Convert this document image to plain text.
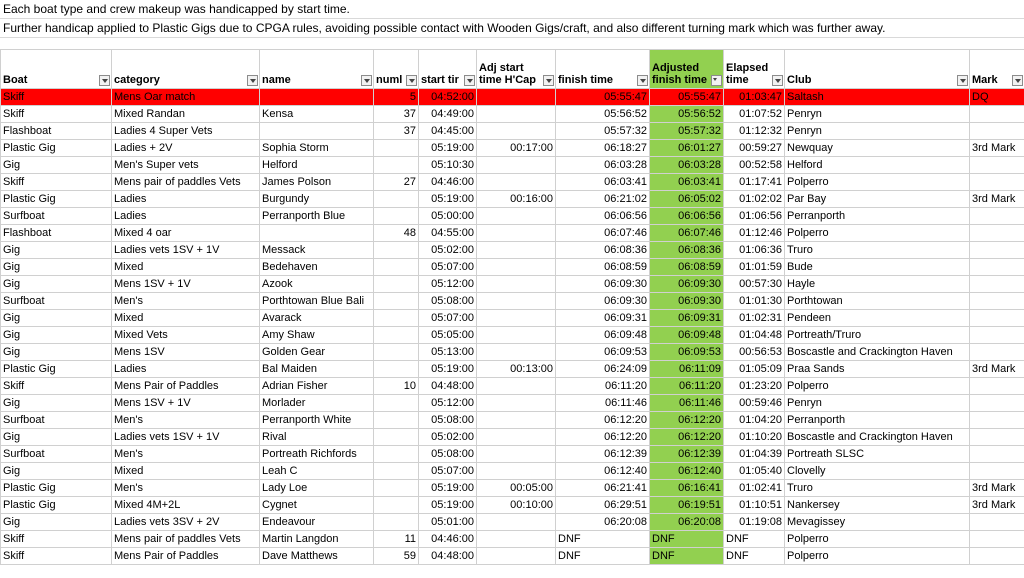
Each boat type and crew makeup was handicapped by start time.
Further handicap applied to Plastic Gigs due to CPGA rules, avoiding possible contact with Wooden Gigs/craft, and also different turning mark which was further away.
Boat	category	name	numl	start tir	Adj start time H'Cap	finish time	Adjusted finish time	Elapsed time	Club	Mark

Skiff	Mens Oar match		5	04:52:00		05:55:47	05:55:47	01:03:47	Saltash	DQ
Skiff	Mixed Randan	Kensa	37	04:49:00		05:56:52	05:56:52	01:07:52	Penryn	
Flashboat	Ladies 4 Super Vets		37	04:45:00		05:57:32	05:57:32	01:12:32	Penryn	
Plastic Gig	Ladies + 2V	Sophia Storm		05:19:00	00:17:00	06:18:27	06:01:27	00:59:27	Newquay	3rd Mark
Gig	Men's Super vets	Helford		05:10:30		06:03:28	06:03:28	00:52:58	Helford	
Skiff	Mens pair of paddles Vets	James Polson	27	04:46:00		06:03:41	06:03:41	01:17:41	Polperro	
Plastic Gig	Ladies	Burgundy		05:19:00	00:16:00	06:21:02	06:05:02	01:02:02	Par Bay	3rd Mark
Surfboat	Ladies	Perranporth Blue		05:00:00		06:06:56	06:06:56	01:06:56	Perranporth	
Flashboat	Mixed 4 oar		48	04:55:00		06:07:46	06:07:46	01:12:46	Polperro	
Gig	Ladies vets 1SV + 1V	Messack		05:02:00		06:08:36	06:08:36	01:06:36	Truro	
Gig	Mixed	Bedehaven		05:07:00		06:08:59	06:08:59	01:01:59	Bude	
Gig	Mens 1SV + 1V	Azook		05:12:00		06:09:30	06:09:30	00:57:30	Hayle	
Surfboat	Men's	Porthtowan Blue Bali		05:08:00		06:09:30	06:09:30	01:01:30	Porthtowan	
Gig	Mixed	Avarack		05:07:00		06:09:31	06:09:31	01:02:31	Pendeen	
Gig	Mixed Vets	Amy Shaw		05:05:00		06:09:48	06:09:48	01:04:48	Portreath/Truro	
Gig	Mens 1SV	Golden Gear		05:13:00		06:09:53	06:09:53	00:56:53	Boscastle and Crackington Haven	
Plastic Gig	Ladies	Bal Maiden		05:19:00	00:13:00	06:24:09	06:11:09	01:05:09	Praa Sands	3rd Mark
Skiff	Mens Pair of Paddles	Adrian Fisher	10	04:48:00		06:11:20	06:11:20	01:23:20	Polperro	
Gig	Mens 1SV + 1V	Morlader		05:12:00		06:11:46	06:11:46	00:59:46	Penryn	
Surfboat	Men's	Perranporth White		05:08:00		06:12:20	06:12:20	01:04:20	Perranporth	
Gig	Ladies vets 1SV + 1V	Rival		05:02:00		06:12:20	06:12:20	01:10:20	Boscastle and Crackington Haven	
Surfboat	Men's	Portreath Richfords		05:08:00		06:12:39	06:12:39	01:04:39	Portreath SLSC	
Gig	Mixed	Leah C		05:07:00		06:12:40	06:12:40	01:05:40	Clovelly	
Plastic Gig	Men's	Lady Loe		05:19:00	00:05:00	06:21:41	06:16:41	01:02:41	Truro	3rd Mark
Plastic Gig	Mixed 4M+2L	Cygnet		05:19:00	00:10:00	06:29:51	06:19:51	01:10:51	Nankersey	3rd Mark
Gig	Ladies vets 3SV + 2V	Endeavour		05:01:00		06:20:08	06:20:08	01:19:08	Mevagissey	
Skiff	Mens pair of paddles Vets	Martin Langdon	11	04:46:00		DNF	DNF	DNF	Polperro	
Skiff	Mens Pair of Paddles	Dave Matthews	59	04:48:00		DNF	DNF	DNF	Polperro	
